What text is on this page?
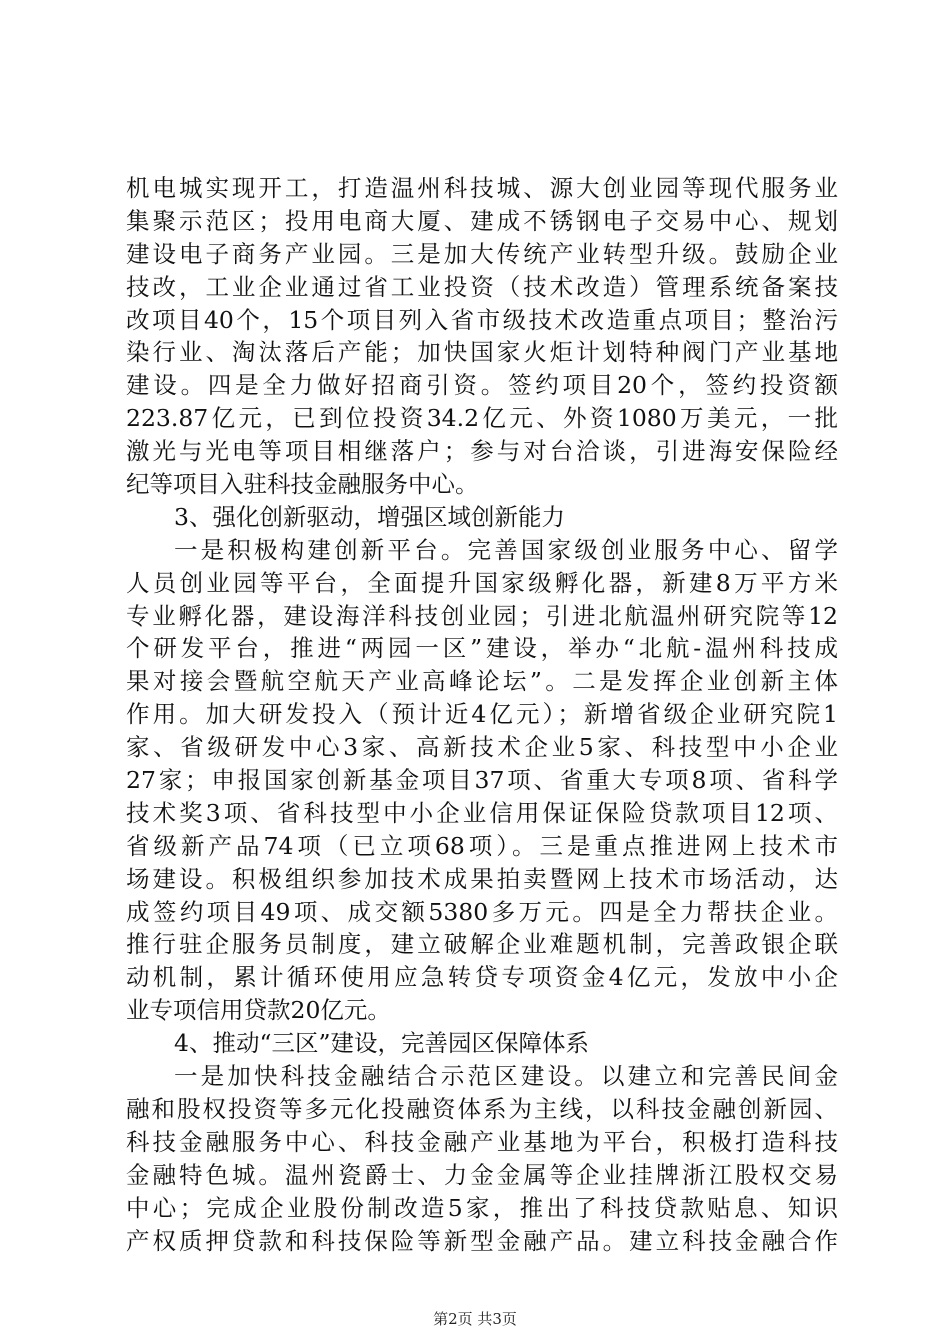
机电城实现开工，打造温州科技城、源大创业园等现代服务业
集聚示范区；投用电商大厦、建成不锈钢电子交易中心、规划
建设电子商务产业园。三是加大传统产业转型升级。鼓励企业
技改，工业企业通过省工业投资（技术改造）管理系统备案技
改项目40个，15个项目列入省市级技术改造重点项目；整治污
染行业、淘汰落后产能；加快国家火炬计划特种阀门产业基地
建设。四是全力做好招商引资。签约项目20个，签约投资额
223.87亿元，已到位投资34.2亿元、外资1080万美元，一批
激光与光电等项目相继落户；参与对台洽谈，引进海安保险经
纪等项目入驻科技金融服务中心。
3、强化创新驱动，增强区域创新能力
一是积极构建创新平台。完善国家级创业服务中心、留学
人员创业园等平台，全面提升国家级孵化器，新建8万平方米
专业孵化器，建设海洋科技创业园；引进北航温州研究院等12
个研发平台，推进“两园一区”建设，举办“北航-温州科技成
果对接会暨航空航天产业高峰论坛”。二是发挥企业创新主体
作用。加大研发投入（预计近4亿元）；新增省级企业研究院1
家、省级研发中心3家、高新技术企业5家、科技型中小企业
27家；申报国家创新基金项目37项、省重大专项8项、省科学
技术奖3项、省科技型中小企业信用保证保险贷款项目12项、
省级新产品74项（已立项68项）。三是重点推进网上技术市
场建设。积极组织参加技术成果拍卖暨网上技术市场活动，达
成签约项目49项、成交额5380多万元。四是全力帮扶企业。
推行驻企服务员制度，建立破解企业难题机制，完善政银企联
动机制，累计循环使用应急转贷专项资金4亿元，发放中小企
业专项信用贷款20亿元。
4、推动“三区”建设，完善园区保障体系
一是加快科技金融结合示范区建设。以建立和完善民间金
融和股权投资等多元化投融资体系为主线，以科技金融创新园、
科技金融服务中心、科技金融产业基地为平台，积极打造科技
金融特色城。温州瓷爵士、力金金属等企业挂牌浙江股权交易
中心；完成企业股份制改造5家，推出了科技贷款贴息、知识
产权质押贷款和科技保险等新型金融产品。建立科技金融合作
第2页 共3页
